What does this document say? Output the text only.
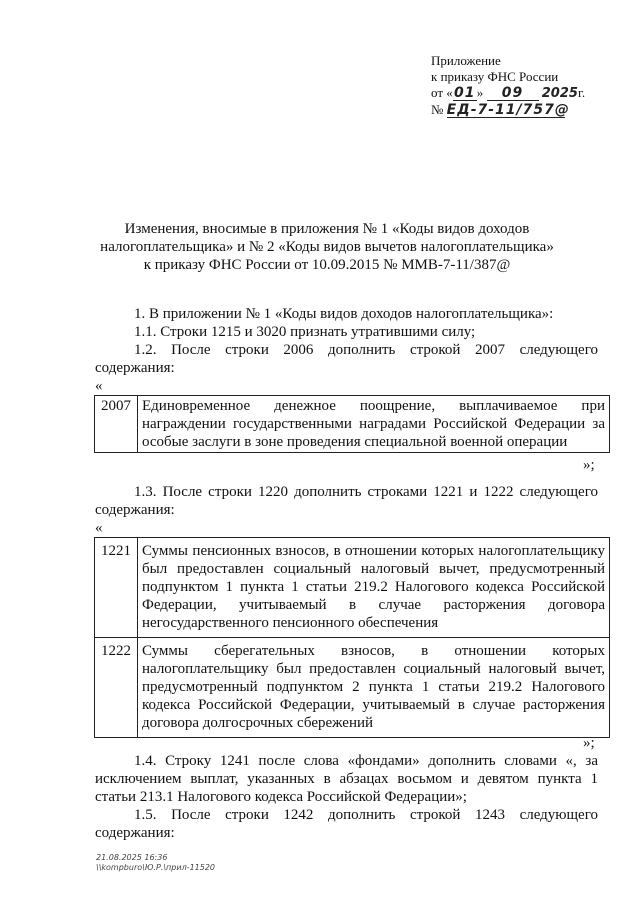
Приложение
к приказу ФНС России
от «01» 09 2025г.
№ ЕД-7-11/757@
Изменения, вносимые в приложения № 1 «Коды видов доходов
налогоплательщика» и № 2 «Коды видов вычетов налогоплательщика»
к приказу ФНС России от 10.09.2015 № ММВ-7-11/387@
1. В приложении № 1 «Коды видов доходов налогоплательщика»:
1.1. Строки 1215 и 3020 признать утратившими силу;
1.2. После строки 2006 дополнить строкой 2007 следующего
содержания:
«
2007	Единовременное денежное поощрение, выплачиваемое при
награждении государственными наградами Российской Федерации за
особые заслуги в зоне проведения специальной военной операции
»;
1.3. После строки 1220 дополнить строками 1221 и 1222 следующего
содержания:
«
1221	Суммы пенсионных взносов, в отношении которых налогоплательщику
был предоставлен социальный налоговый вычет, предусмотренный
подпунктом 1 пункта 1 статьи 219.2 Налогового кодекса Российской
Федерации, учитываемый в случае расторжения договора
негосударственного пенсионного обеспечения

1222	Суммы сберегательных взносов, в отношении которых
налогоплательщику был предоставлен социальный налоговый вычет,
предусмотренный подпунктом 2 пункта 1 статьи 219.2 Налогового
кодекса Российской Федерации, учитываемый в случае расторжения
договора долгосрочных сбережений
»;
1.4. Строку 1241 после слова «фондами» дополнить словами «, за
исключением выплат, указанных в абзацах восьмом и девятом пункта 1
статьи 213.1 Налогового кодекса Российской Федерации»;
1.5. После строки 1242 дополнить строкой 1243 следующего
содержания:
21.08.2025 16:36
\\kompburo\Ю.Р.\прил-11520
